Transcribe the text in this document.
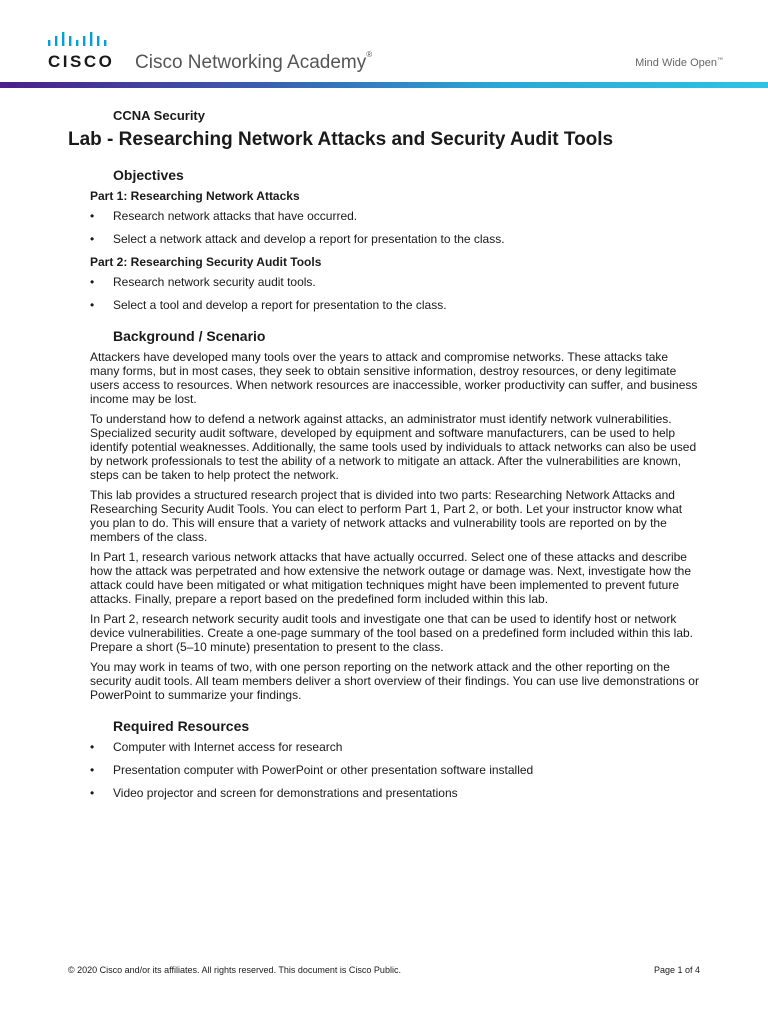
CISCO Cisco Networking Academy®
Mind Wide Open™
CCNA Security
Lab - Researching Network Attacks and Security Audit Tools
Objectives
Part 1: Researching Network Attacks
• Research network attacks that have occurred.
• Select a network attack and develop a report for presentation to the class.
Part 2: Researching Security Audit Tools
• Research network security audit tools.
• Select a tool and develop a report for presentation to the class.
Background / Scenario

Attackers have developed many tools over the years to attack and compromise networks. These attacks take many forms, but in most cases, they seek to obtain sensitive information, destroy resources, or deny legitimate users access to resources. When network resources are inaccessible, worker productivity can suffer, and business income may be lost.

To understand how to defend a network against attacks, an administrator must identify network vulnerabilities. Specialized security audit software, developed by equipment and software manufacturers, can be used to help identify potential weaknesses. Additionally, the same tools used by individuals to attack networks can also be used by network professionals to test the ability of a network to mitigate an attack. After the vulnerabilities are known, steps can be taken to help protect the network.

This lab provides a structured research project that is divided into two parts: Researching Network Attacks and Researching Security Audit Tools. You can elect to perform Part 1, Part 2, or both. Let your instructor know what you plan to do. This will ensure that a variety of network attacks and vulnerability tools are reported on by the members of the class.

In Part 1, research various network attacks that have actually occurred. Select one of these attacks and describe how the attack was perpetrated and how extensive the network outage or damage was. Next, investigate how the attack could have been mitigated or what mitigation techniques might have been implemented to prevent future attacks. Finally, prepare a report based on the predefined form included within this lab.

In Part 2, research network security audit tools and investigate one that can be used to identify host or network device vulnerabilities. Create a one-page summary of the tool based on a predefined form included within this lab. Prepare a short (5–10 minute) presentation to present to the class.

You may work in teams of two, with one person reporting on the network attack and the other reporting on the security audit tools. All team members deliver a short overview of their findings. You can use live demonstrations or PowerPoint to summarize your findings.

Required Resources
• Computer with Internet access for research
• Presentation computer with PowerPoint or other presentation software installed
• Video projector and screen for demonstrations and presentations
© 2020 Cisco and/or its affiliates. All rights reserved. This document is Cisco Public.	Page 1 of 4
